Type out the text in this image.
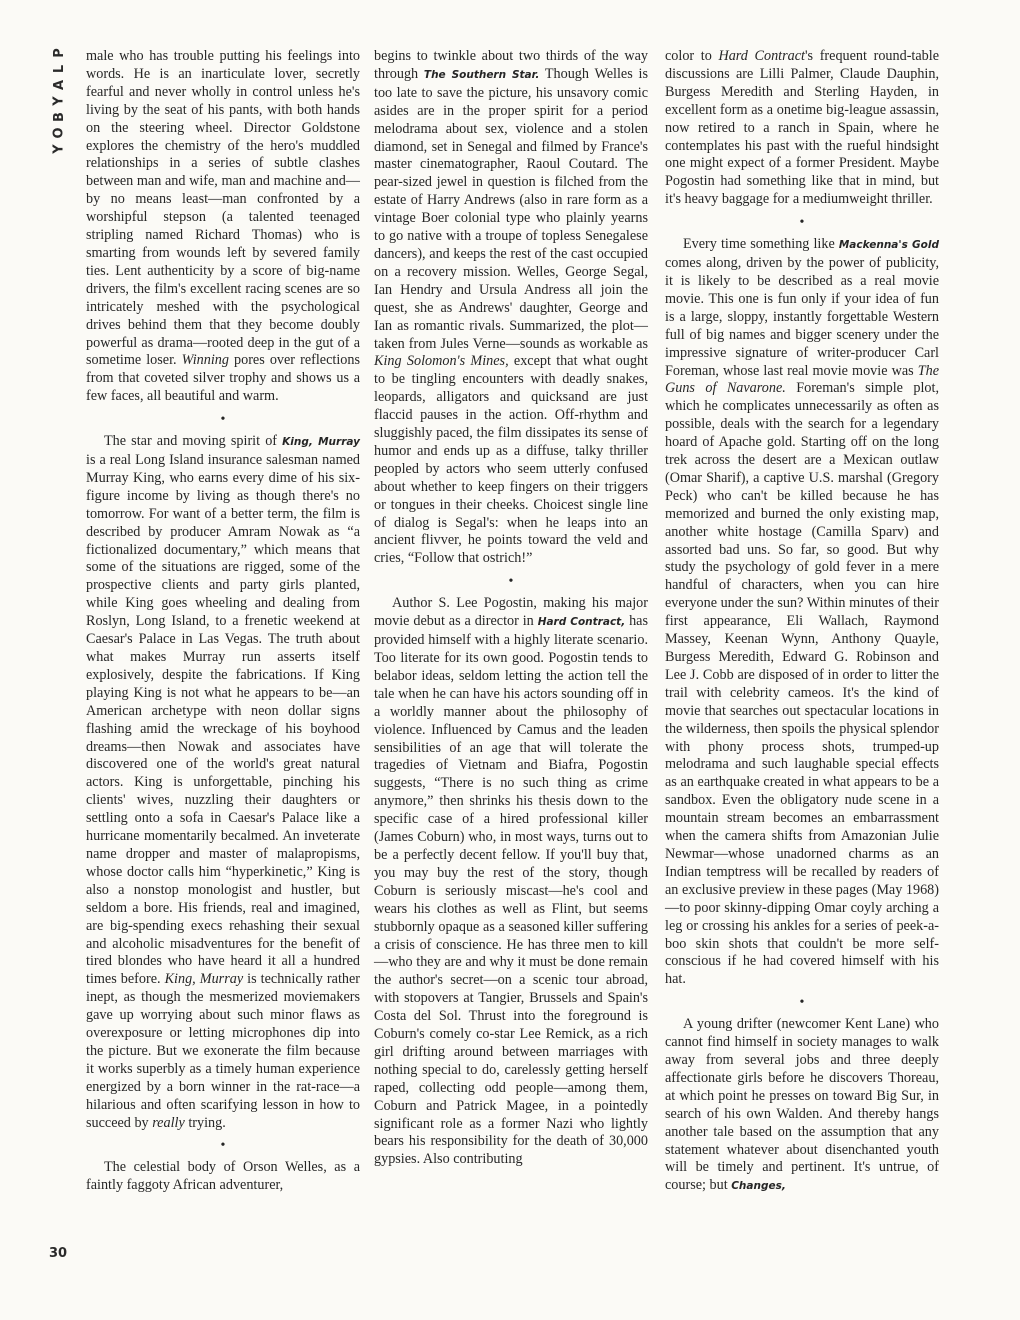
P
L
A
Y
B
O
Y
30

male who has trouble putting his feelings into words. He is an inarticulate lover, secretly fearful and never wholly in control unless he's living by the seat of his pants, with both hands on the steering wheel. Director Goldstone explores the chemistry of the hero's muddled relationships in a series of subtle clashes between man and wife, man and machine and—by no means least—man confronted by a worshipful stepson (a talented teenaged stripling named Richard Thomas) who is smarting from wounds left by severed family ties. Lent authenticity by a score of big-name drivers, the film's excellent racing scenes are so intricately meshed with the psychological drives behind them that they become doubly powerful as drama—rooted deep in the gut of a sometime loser. Winning pores over reflections from that coveted silver trophy and shows us a few faces, all beautiful and warm.

•

The star and moving spirit of King, Murray is a real Long Island insurance salesman named Murray King, who earns every dime of his six-figure income by living as though there's no tomorrow. For want of a better term, the film is described by producer Amram Nowak as “a fictionalized documentary,” which means that some of the situations are rigged, some of the prospective clients and party girls planted, while King goes wheeling and dealing from Roslyn, Long Island, to a frenetic weekend at Caesar's Palace in Las Vegas. The truth about what makes Murray run asserts itself explosively, despite the fabrications. If King playing King is not what he appears to be—an American archetype with neon dollar signs flashing amid the wreckage of his boyhood dreams—then Nowak and associates have discovered one of the world's great natural actors. King is unforgettable, pinching his clients' wives, nuzzling their daughters or settling onto a sofa in Caesar's Palace like a hurricane momentarily becalmed. An inveterate name dropper and master of malapropisms, whose doctor calls him “hyperkinetic,” King is also a nonstop monologist and hustler, but seldom a bore. His friends, real and imagined, are big-spending execs rehashing their sexual and alcoholic misadventures for the benefit of tired blondes who have heard it all a hundred times before. King, Murray is technically rather inept, as though the mesmerized moviemakers gave up worrying about such minor flaws as overexposure or letting microphones dip into the picture. But we exonerate the film because it works superbly as a timely human experience energized by a born winner in the rat-race—a hilarious and often scarifying lesson in how to succeed by really trying.

•

The celestial body of Orson Welles, as a faintly faggoty African adventurer,

begins to twinkle about two thirds of the way through The Southern Star. Though Welles is too late to save the picture, his unsavory comic asides are in the proper spirit for a period melodrama about sex, violence and a stolen diamond, set in Senegal and filmed by France's master cinematographer, Raoul Coutard. The pear-sized jewel in question is filched from the estate of Harry Andrews (also in rare form as a vintage Boer colonial type who plainly yearns to go native with a troupe of topless Senegalese dancers), and keeps the rest of the cast occupied on a recovery mission. Welles, George Segal, Ian Hendry and Ursula Andress all join the quest, she as Andrews' daughter, George and Ian as romantic rivals. Summarized, the plot—taken from Jules Verne—sounds as workable as King Solomon's Mines, except that what ought to be tingling encounters with deadly snakes, leopards, alligators and quicksand are just flaccid pauses in the action. Off-rhythm and sluggishly paced, the film dissipates its sense of humor and ends up as a diffuse, talky thriller peopled by actors who seem utterly confused about whether to keep fingers on their triggers or tongues in their cheeks. Choicest single line of dialog is Segal's: when he leaps into an ancient flivver, he points toward the veld and cries, “Follow that ostrich!”

•

Author S. Lee Pogostin, making his major movie debut as a director in Hard Contract, has provided himself with a highly literate scenario. Too literate for its own good. Pogostin tends to belabor ideas, seldom letting the action tell the tale when he can have his actors sounding off in a worldly manner about the philosophy of violence. Influenced by Camus and the leaden sensibilities of an age that will tolerate the tragedies of Vietnam and Biafra, Pogostin suggests, “There is no such thing as crime anymore,” then shrinks his thesis down to the specific case of a hired professional killer (James Coburn) who, in most ways, turns out to be a perfectly decent fellow. If you'll buy that, you may buy the rest of the story, though Coburn is seriously miscast—he's cool and wears his clothes as well as Flint, but seems stubbornly opaque as a seasoned killer suffering a crisis of conscience. He has three men to kill—who they are and why it must be done remain the author's secret—on a scenic tour abroad, with stopovers at Tangier, Brussels and Spain's Costa del Sol. Thrust into the foreground is Coburn's comely co-star Lee Remick, as a rich girl drifting around between marriages with nothing special to do, carelessly getting herself raped, collecting odd people—among them, Coburn and Patrick Magee, in a pointedly significant role as a former Nazi who lightly bears his responsibility for the death of 30,000 gypsies. Also contributing

color to Hard Contract's frequent round-table discussions are Lilli Palmer, Claude Dauphin, Burgess Meredith and Sterling Hayden, in excellent form as a onetime big-league assassin, now retired to a ranch in Spain, where he contemplates his past with the rueful hindsight one might expect of a former President. Maybe Pogostin had something like that in mind, but it's heavy baggage for a mediumweight thriller.

•

Every time something like Mackenna's Gold comes along, driven by the power of publicity, it is likely to be described as a real movie movie. This one is fun only if your idea of fun is a large, sloppy, instantly forgettable Western full of big names and bigger scenery under the impressive signature of writer-producer Carl Foreman, whose last real movie movie was The Guns of Navarone. Foreman's simple plot, which he complicates unnecessarily as often as possible, deals with the search for a legendary hoard of Apache gold. Starting off on the long trek across the desert are a Mexican outlaw (Omar Sharif), a captive U.S. marshal (Gregory Peck) who can't be killed because he has memorized and burned the only existing map, another white hostage (Camilla Sparv) and assorted bad uns. So far, so good. But why study the psychology of gold fever in a mere handful of characters, when you can hire everyone under the sun? Within minutes of their first appearance, Eli Wallach, Raymond Massey, Keenan Wynn, Anthony Quayle, Burgess Meredith, Edward G. Robinson and Lee J. Cobb are disposed of in order to litter the trail with celebrity cameos. It's the kind of movie that searches out spectacular locations in the wilderness, then spoils the physical splendor with phony process shots, trumped-up melodrama and such laughable special effects as an earthquake created in what appears to be a sandbox. Even the obligatory nude scene in a mountain stream becomes an embarrassment when the camera shifts from Amazonian Julie Newmar—whose unadorned charms as an Indian temptress will be recalled by readers of an exclusive preview in these pages (May 1968)—to poor skinny-dipping Omar coyly arching a leg or crossing his ankles for a series of peek-a-boo skin shots that couldn't be more self-conscious if he had covered himself with his hat.

•

A young drifter (newcomer Kent Lane) who cannot find himself in society manages to walk away from several jobs and three deeply affectionate girls before he discovers Thoreau, at which point he presses on toward Big Sur, in search of his own Walden. And thereby hangs another tale based on the assumption that any statement whatever about disenchanted youth will be timely and pertinent. It's untrue, of course; but Changes,
